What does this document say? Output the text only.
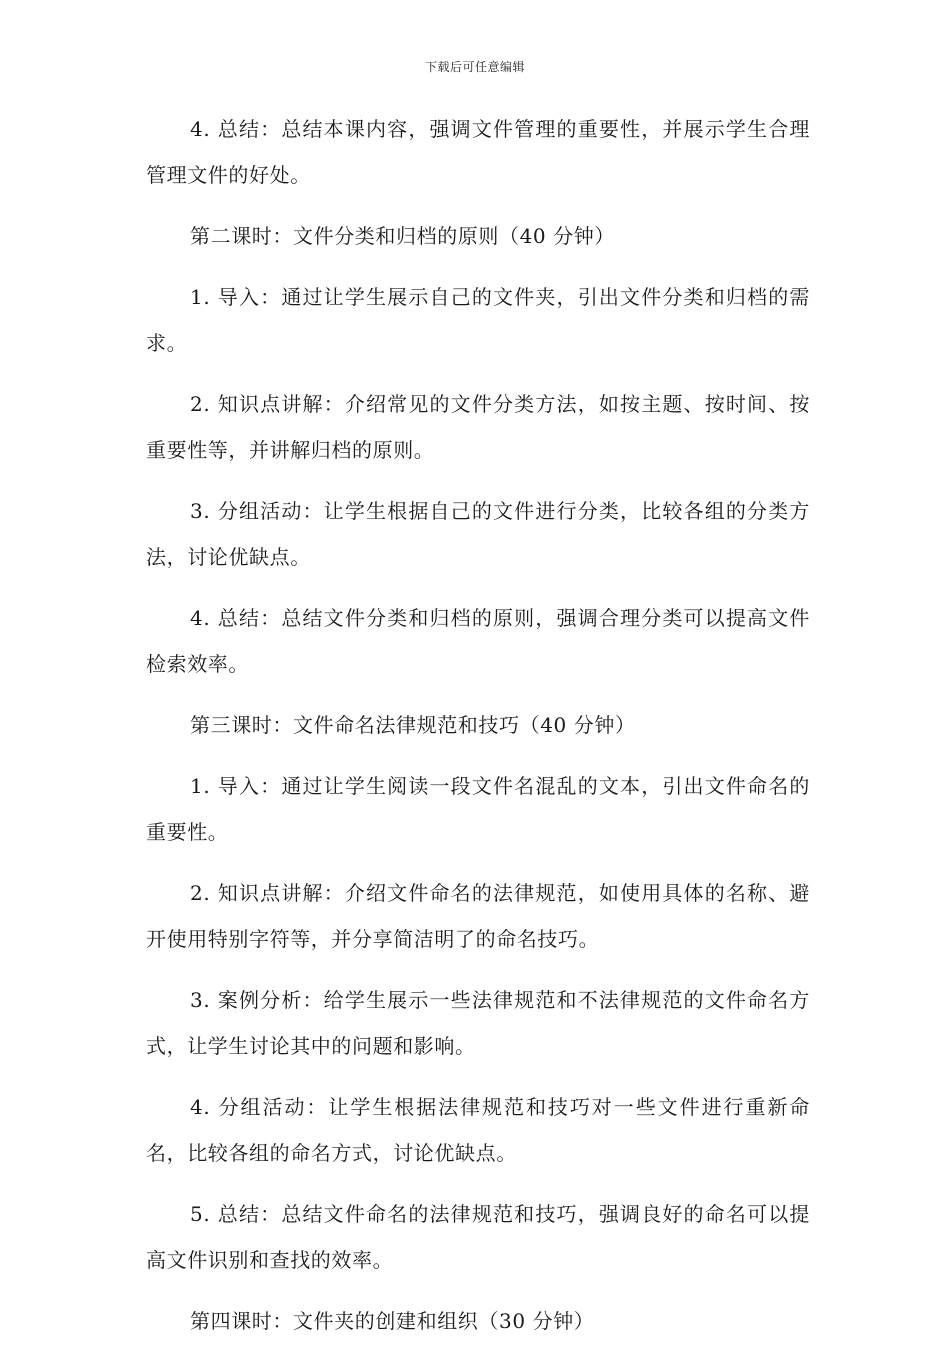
下载后可任意编辑

4. 总结：总结本课内容，强调文件管理的重要性，并展示学生合理管理文件的好处。

第二课时：文件分类和归档的原则（40 分钟）

1. 导入：通过让学生展示自己的文件夹，引出文件分类和归档的需求。

2. 知识点讲解：介绍常见的文件分类方法，如按主题、按时间、按重要性等，并讲解归档的原则。

3. 分组活动：让学生根据自己的文件进行分类，比较各组的分类方法，讨论优缺点。

4. 总结：总结文件分类和归档的原则，强调合理分类可以提高文件检索效率。

第三课时：文件命名法律规范和技巧（40 分钟）

1. 导入：通过让学生阅读一段文件名混乱的文本，引出文件命名的重要性。

2. 知识点讲解：介绍文件命名的法律规范，如使用具体的名称、避开使用特别字符等，并分享简洁明了的命名技巧。

3. 案例分析：给学生展示一些法律规范和不法律规范的文件命名方式，让学生讨论其中的问题和影响。

4. 分组活动：让学生根据法律规范和技巧对一些文件进行重新命名，比较各组的命名方式，讨论优缺点。

5. 总结：总结文件命名的法律规范和技巧，强调良好的命名可以提高文件识别和查找的效率。

第四课时：文件夹的创建和组织（30 分钟）
